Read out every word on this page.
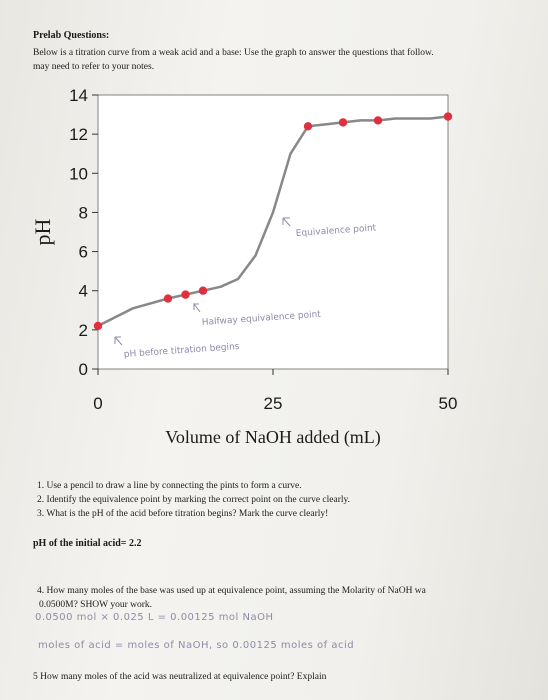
Prelab Questions:
Below is a titration curve from a weak acid and a base: Use the graph to answer the questions that follow.
may need to refer to your notes.
0
2
4
6
8
10
12
14
0	25	50
pH
Volume of NaOH added (mL)
Equivalence point
Halfway equivalence point
pH before titration begins
1. Use a pencil to draw a line by connecting the pints to form a curve.
2. Identify the equivalence point by marking the correct point on the curve clearly.
3. What is the pH of the acid before titration begins? Mark the curve clearly!
pH of the initial acid= 2.2
4. How many moles of the base was used up at equivalence point, assuming the Molarity of NaOH wa
0.0500M? SHOW your work.
0.0500 mol × 0.025 L = 0.00125 mol NaOH
moles of acid = moles of NaOH, so 0.00125 moles of acid
5 How many moles of the acid was neutralized at equivalence point? Explain
